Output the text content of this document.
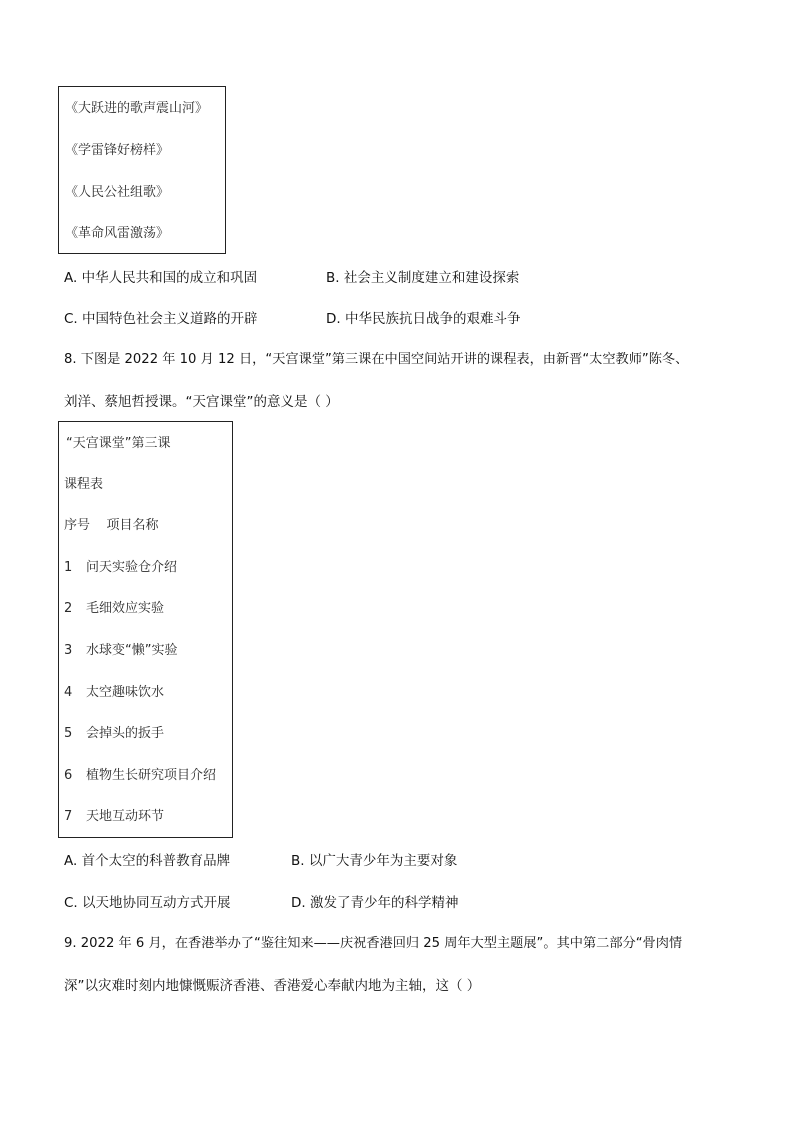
《大跃进的歌声震山河》
《学雷锋好榜样》
《人民公社组歌》
《革命风雷激荡》
A. 中华人民共和国的成立和巩固	B. 社会主义制度建立和建设探索
C. 中国特色社会主义道路的开辟	D. 中华民族抗日战争的艰难斗争
8. 下图是 2022 年 10 月 12 日，“天宫课堂”第三课在中国空间站开讲的课程表，由新晋“太空教师”陈冬、
刘洋、蔡旭哲授课。“天宫课堂”的意义是（ ）
“天宫课堂”第三课
课程表
序号    项目名称
1 问天实验仓介绍
2 毛细效应实验
3 水球变“懒”实验
4 太空趣味饮水
5 会掉头的扳手
6 植物生长研究项目介绍
7 天地互动环节
A. 首个太空的科普教育品牌	B. 以广大青少年为主要对象
C. 以天地协同互动方式开展	D. 激发了青少年的科学精神
9. 2022 年 6 月，在香港举办了“鉴往知来——庆祝香港回归 25 周年大型主题展”。其中第二部分“骨肉情
深”以灾难时刻内地慷慨赈济香港、香港爱心奉献内地为主轴，这（ ）
